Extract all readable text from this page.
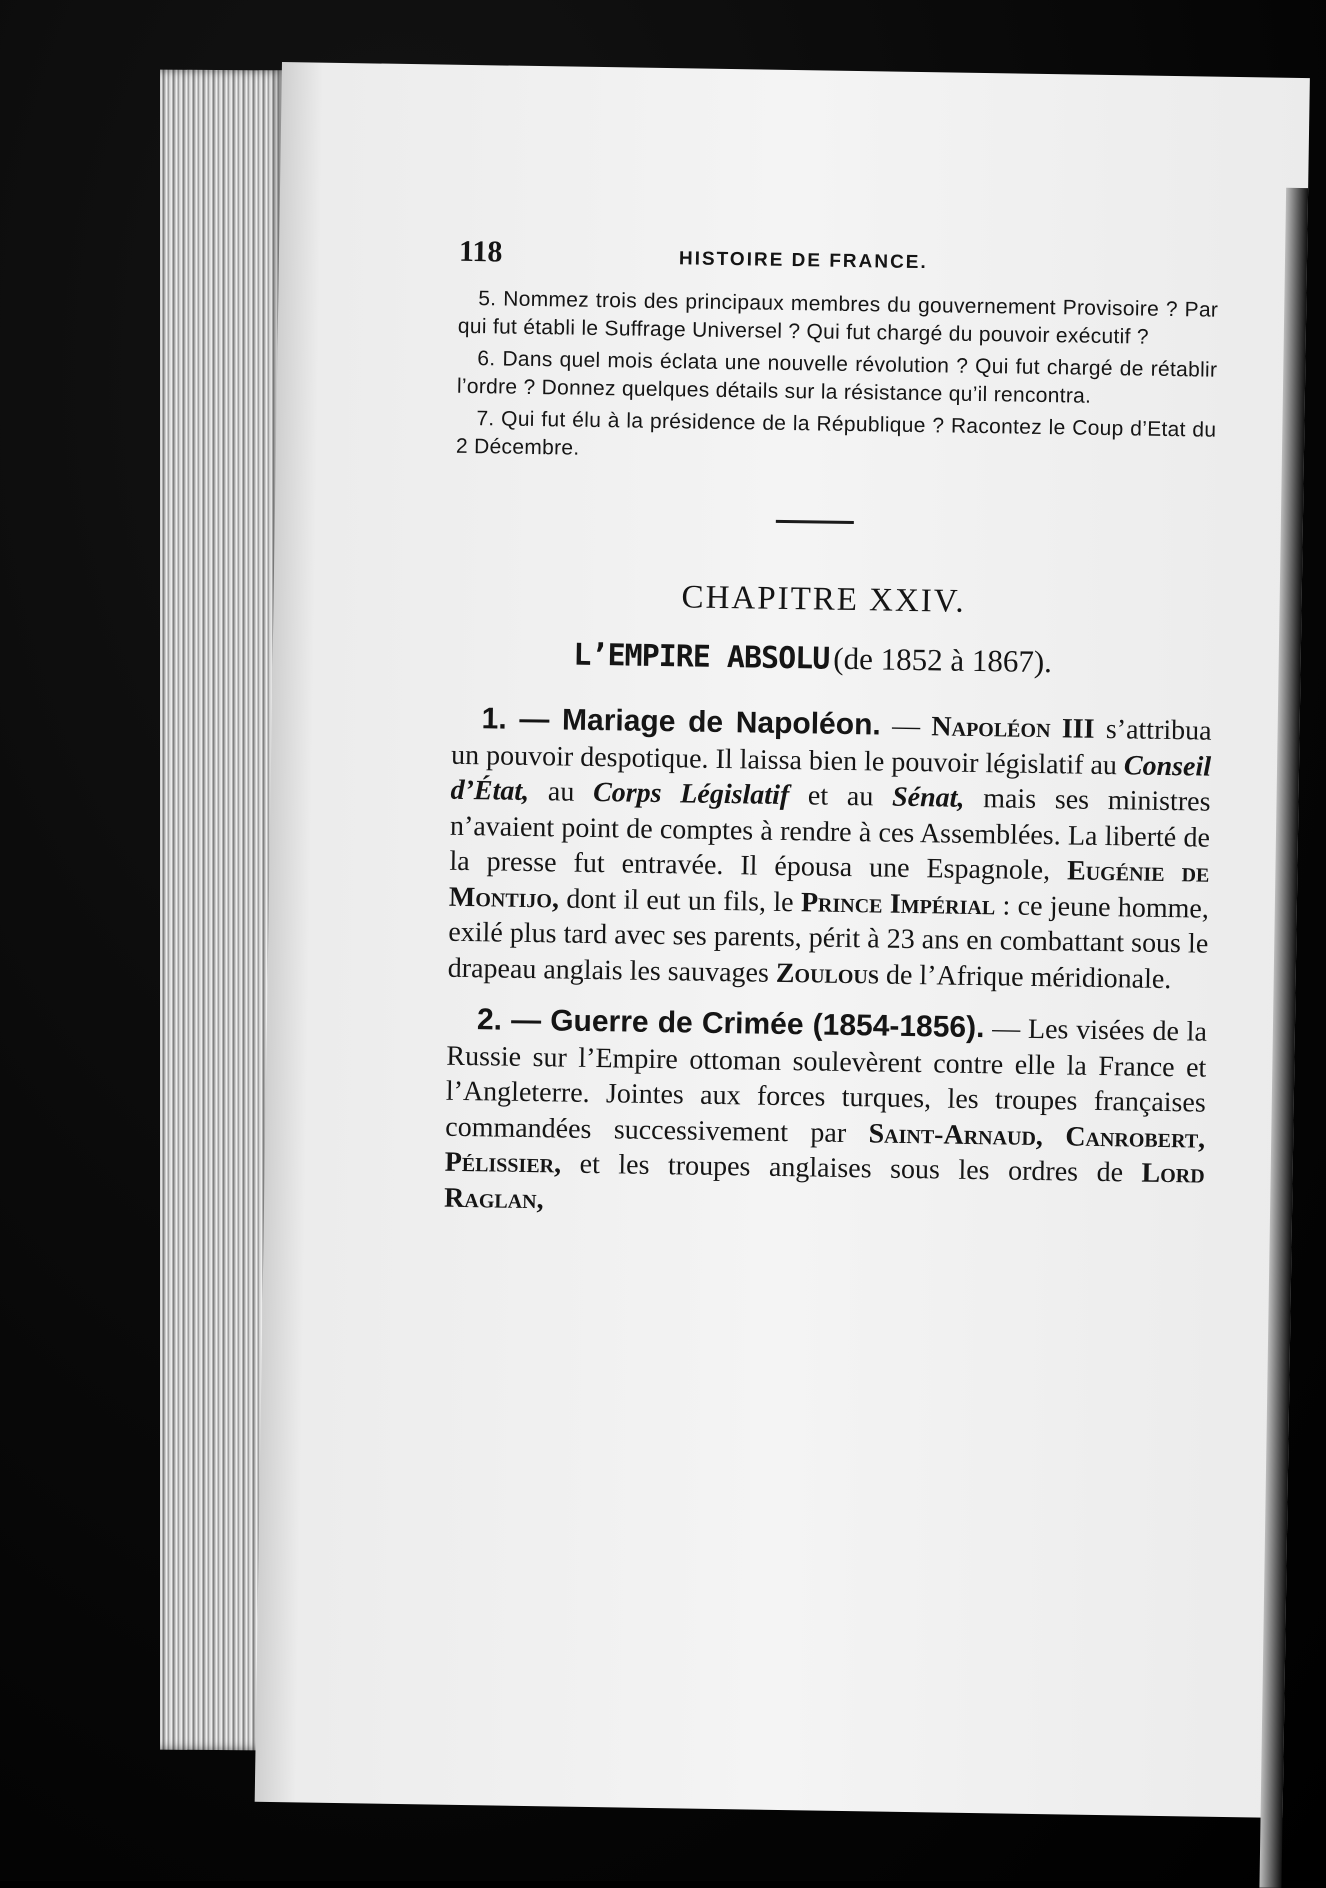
118	HISTOIRE DE FRANCE.

5. Nommez trois des principaux membres du gouvernement Provisoire ? Par qui fut établi le Suffrage Universel ? Qui fut chargé du pouvoir exécutif ?

6. Dans quel mois éclata une nouvelle révolution ? Qui fut chargé de rétablir l’ordre ? Donnez quelques détails sur la résistance qu’il rencontra.

7. Qui fut élu à la présidence de la République ? Racontez le Coup d’Etat du 2 Décembre.

CHAPITRE XXIV.
L’EMPIRE ABSOLU (de 1852 à 1867).

1. — Mariage de Napoléon. — Napoléon III s’attribua un pouvoir despotique. Il laissa bien le pouvoir législatif au Conseil d’État, au Corps Législatif et au Sénat, mais ses ministres n’avaient point de comptes à rendre à ces Assemblées. La liberté de la presse fut entravée. Il épousa une Espagnole, Eugénie de Montijo, dont il eut un fils, le Prince Impérial : ce jeune homme, exilé plus tard avec ses parents, périt à 23 ans en combattant sous le drapeau anglais les sauvages Zoulous de l’Afrique méridionale.

2. — Guerre de Crimée (1854-1856). — Les visées de la Russie sur l’Empire ottoman soulevèrent contre elle la France et l’Angleterre. Jointes aux forces turques, les troupes françaises commandées successivement par Saint-Arnaud, Canrobert, Pélissier, et les troupes anglaises sous les ordres de Lord Raglan,
